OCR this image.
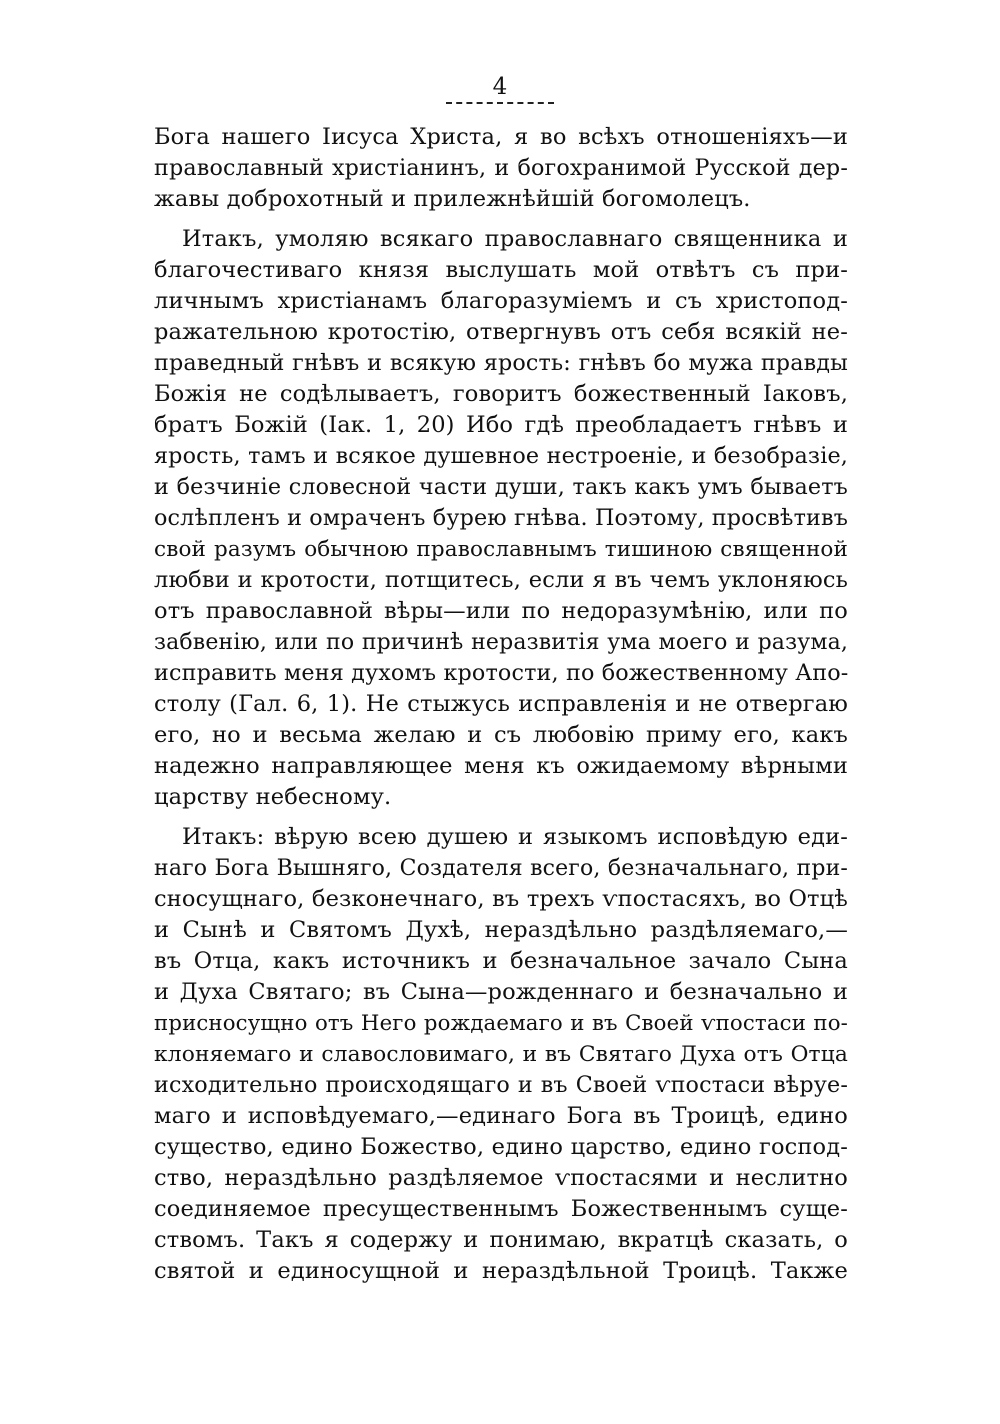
4
Бога нашего Іисуса Христа, я во всѣхъ отношеніяхъ—и
православный христіанинъ, и богохранимой Русской дер-
жавы доброхотный и прилежнѣйшій богомолецъ.
Итакъ, умоляю всякаго православнаго священника и
благочестиваго князя выслушать мой отвѣтъ съ при-
личнымъ христіанамъ благоразуміемъ и съ христопод-
ражательною кротостію, отвергнувъ отъ себя всякій не-
праведный гнѣвъ и всякую ярость: гнѣвъ бо мужа правды
Божія не содѣлываетъ, говоритъ божественный Іаковъ,
братъ Божій (Іак. 1, 20) Ибо гдѣ преобладаетъ гнѣвъ и
ярость, тамъ и всякое душевное нестроеніе, и безобразіе,
и безчиніе словесной части души, такъ какъ умъ бываетъ
ослѣпленъ и омраченъ бурею гнѣва. Поэтому, просвѣтивъ
свой разумъ обычною православнымъ тишиною священной
любви и кротости, потщитесь, если я въ чемъ уклоняюсь
отъ православной вѣры—или по недоразумѣнію, или по
забвенію, или по причинѣ неразвитія ума моего и разума,
исправить меня духомъ кротости, по божественному Апо-
столу (Гал. 6, 1). Не стыжусь исправленія и не отвергаю
его, но и весьма желаю и съ любовію приму его, какъ
надежно направляющее меня къ ожидаемому вѣрными
царству небесному.
Итакъ: вѣрую всею душею и языкомъ исповѣдую еди-
наго Бога Вышняго, Создателя всего, безначальнаго, при-
сносущнаго, безконечнаго, въ трехъ ѵпостасяхъ, во Отцѣ
и Сынѣ и Святомъ Духѣ, нераздѣльно раздѣляемаго,—
въ Отца, какъ источникъ и безначальное зачало Сына
и Духа Святаго; въ Сына—рожденнаго и безначально и
присносущно отъ Него рождаемаго и въ Своей ѵпостаси по-
клоняемаго и славословимаго, и въ Святаго Духа отъ Отца
исходительно происходящаго и въ Своей ѵпостаси вѣруе-
маго и исповѣдуемаго,—единаго Бога въ Троицѣ, едино
существо, едино Божество, едино царство, едино господ-
ство, нераздѣльно раздѣляемое ѵпостасями и неслитно
соединяемое пресущественнымъ Божественнымъ суще-
ствомъ. Такъ я содержу и понимаю, вкратцѣ сказать, о
святой и единосущной и нераздѣльной Троицѣ. Также
